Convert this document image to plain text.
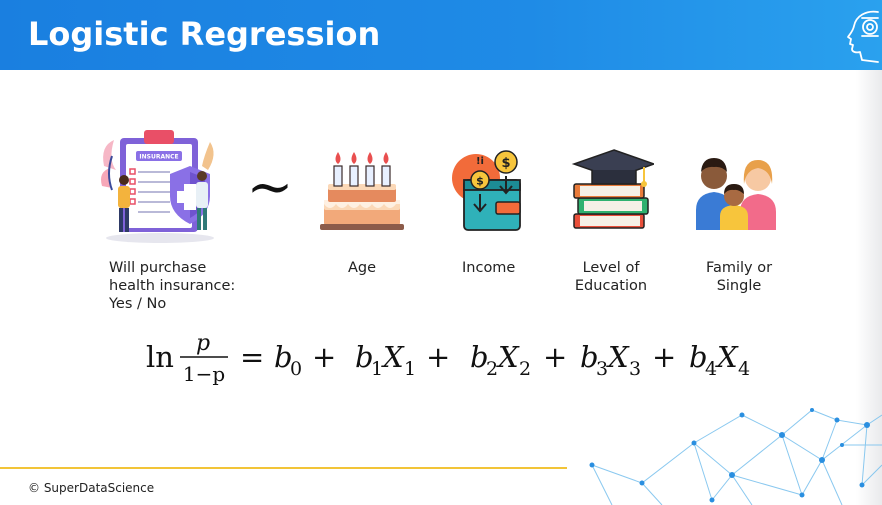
Logistic Regression
INSURANCE
Will purchase
health insurance:
Yes / No
~
Age
$
$
!i
Income	Level of
Education
Family or
Single
ln p
1−p = b
0 + b
1 X 1 + b
2 X 2 + b
3 X 3 + b
4 X 4
© SuperDataScience
